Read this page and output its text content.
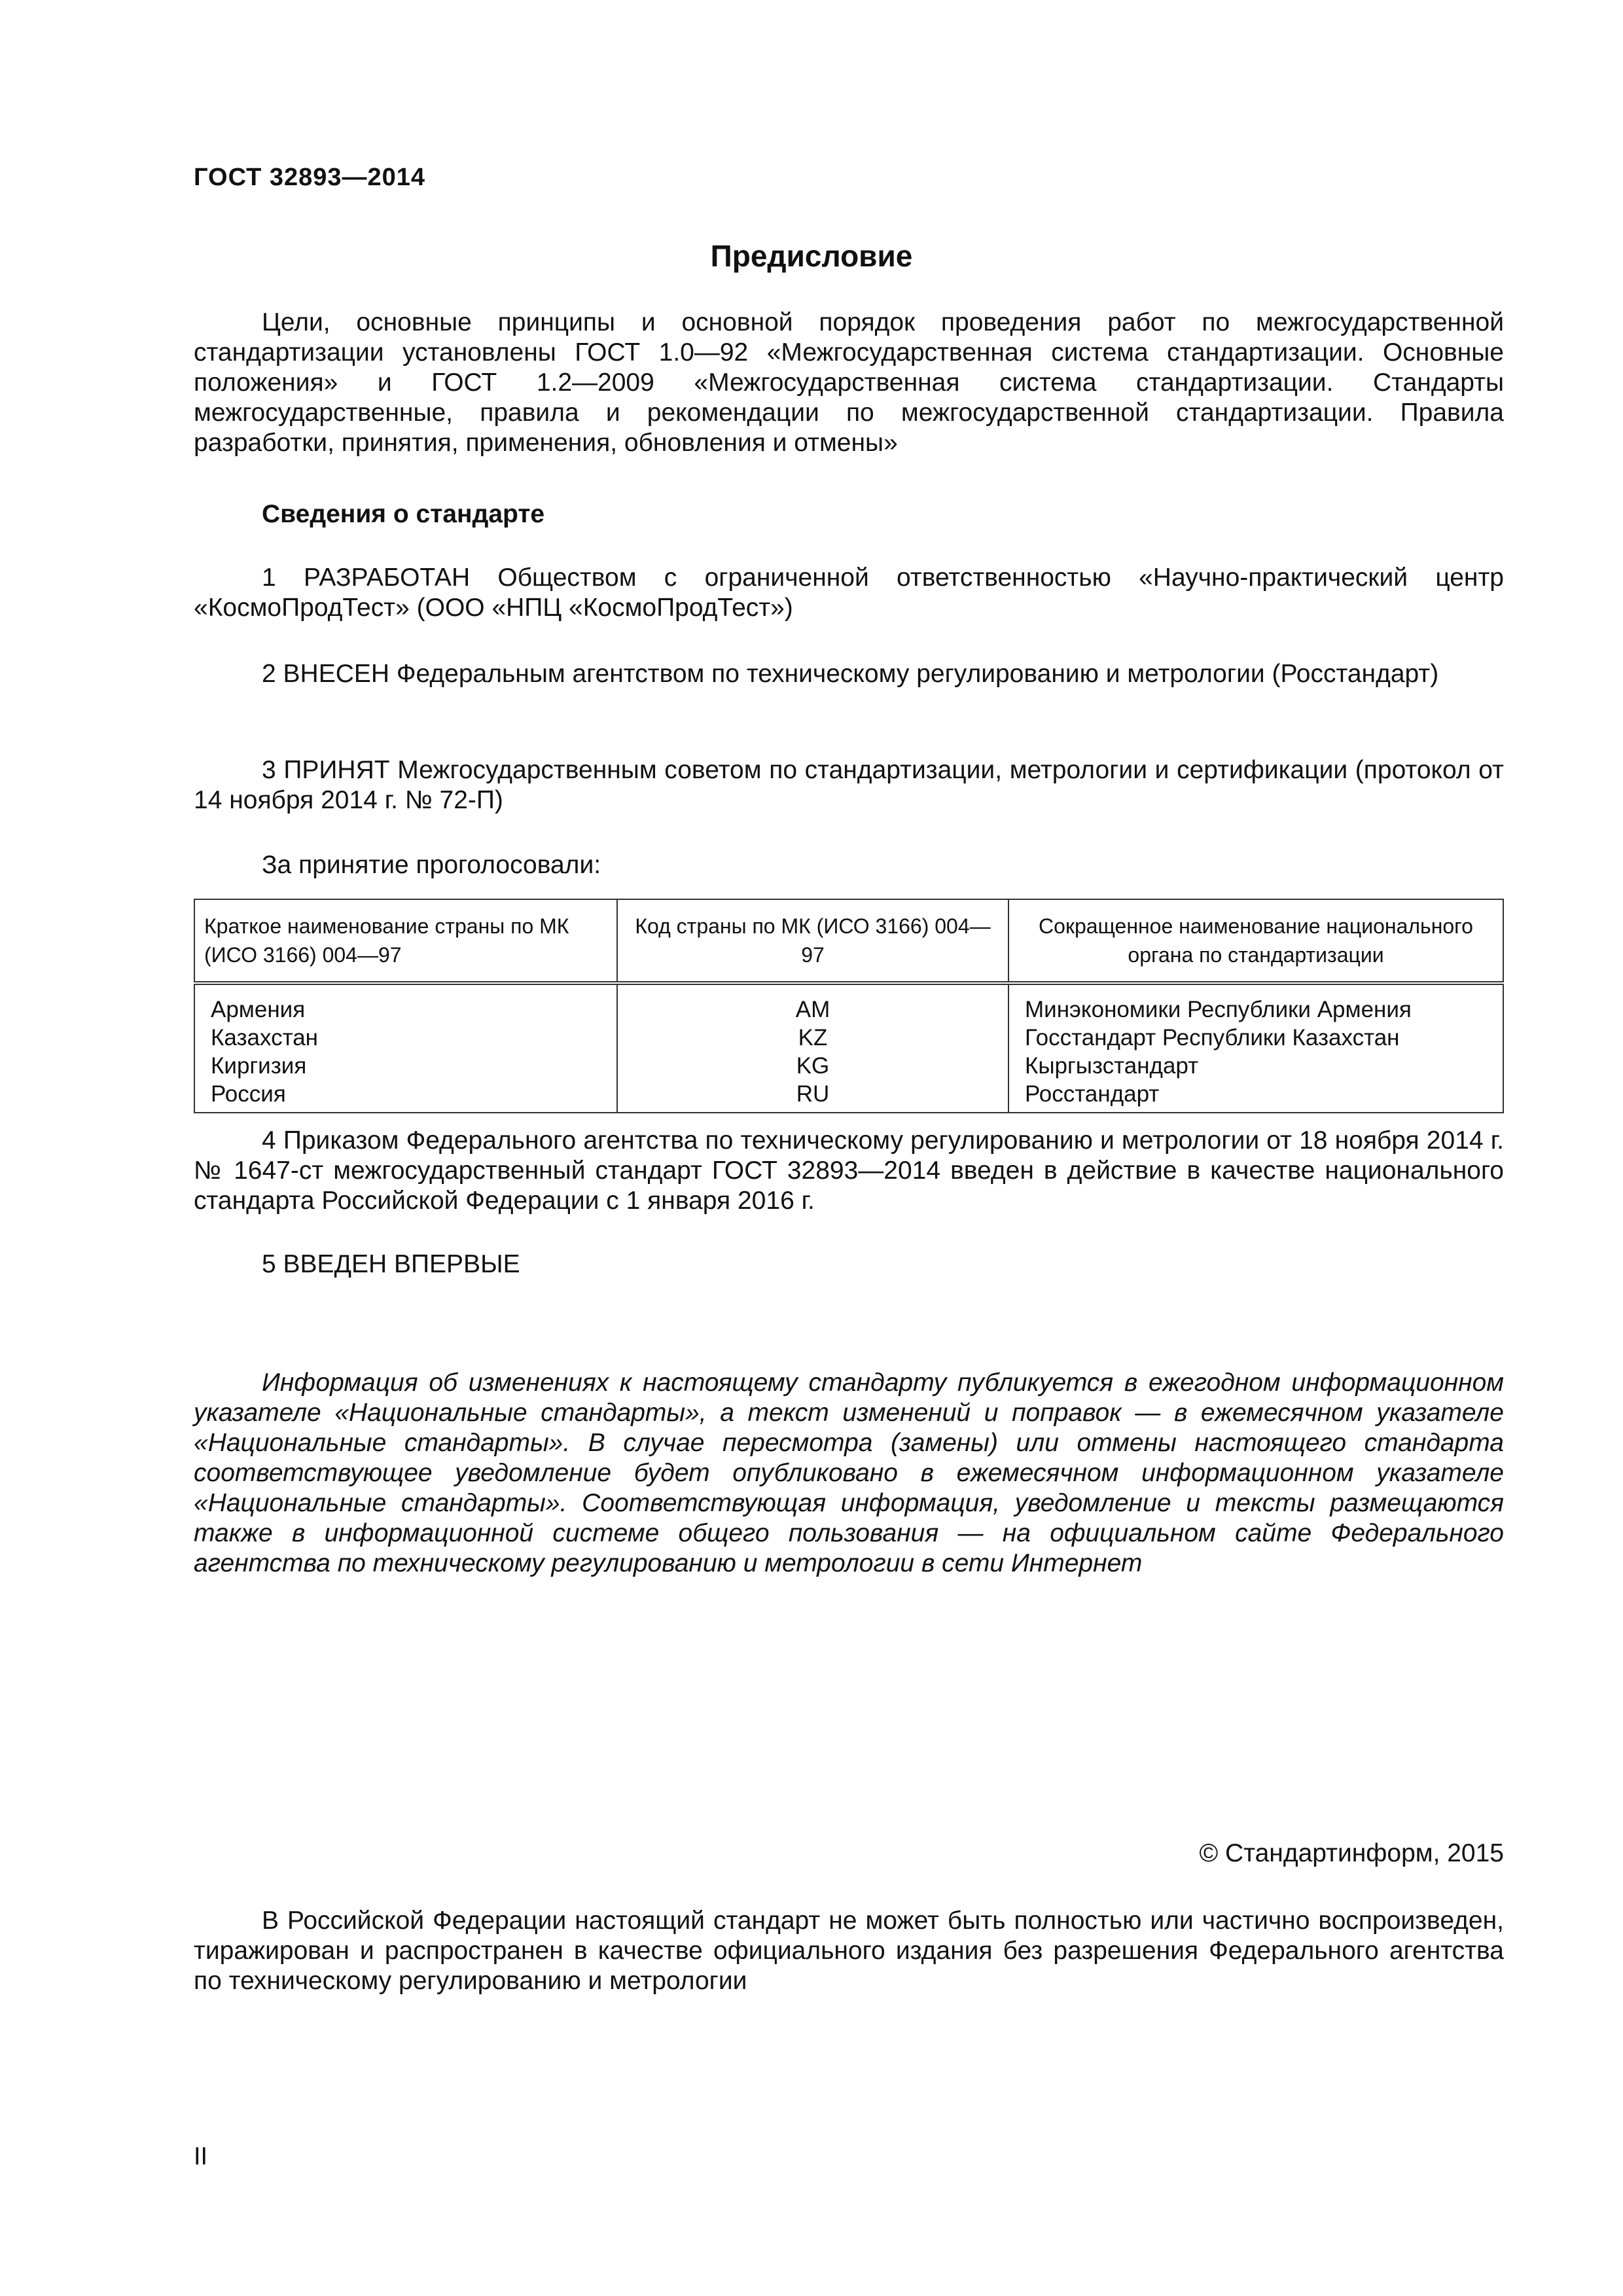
ГОСТ 32893—2014
Предисловие

Цели, основные принципы и основной порядок проведения работ по межгосударственной стандартизации установлены ГОСТ 1.0—92 «Межгосударственная система стандартизации. Основные положения» и ГОСТ 1.2—2009 «Межгосударственная система стандартизации. Стандарты межгосударственные, правила и рекомендации по межгосударственной стандартизации. Правила разработки, принятия, применения, обновления и отмены»

Сведения о стандарте

1 РАЗРАБОТАН Обществом с ограниченной ответственностью «Научно-практический центр «КосмоПродТест» (ООО «НПЦ «КосмоПродТест»)

2 ВНЕСЕН Федеральным агентством по техническому регулированию и метрологии (Росстандарт)

3 ПРИНЯТ Межгосударственным советом по стандартизации, метрологии и сертификации (протокол от 14 ноября 2014 г. № 72-П)

За принятие проголосовали:
Краткое наименование страны по МК (ИСО 3166) 004—97	Код страны по МК (ИСО 3166) 004—97	Сокращенное наименование национального органа по стандартизации
Армения	AM	Минэкономики Республики Армения
Казахстан	KZ	Госстандарт Республики Казахстан
Киргизия	KG	Кыргызстандарт
Россия	RU	Росстандарт

4 Приказом Федерального агентства по техническому регулированию и метрологии от 18 ноября 2014 г. № 1647-ст межгосударственный стандарт ГОСТ 32893—2014 введен в действие в качестве национального стандарта Российской Федерации с 1 января 2016 г.

5 ВВЕДЕН ВПЕРВЫЕ

Информация об изменениях к настоящему стандарту публикуется в ежегодном информационном указателе «Национальные стандарты», а текст изменений и поправок — в ежемесячном указателе «Национальные стандарты». В случае пересмотра (замены) или отмены настоящего стандарта соответствующее уведомление будет опубликовано в ежемесячном информационном указателе «Национальные стандарты». Соответствующая информация, уведомление и тексты размещаются также в информационной системе общего пользования — на официальном сайте Федерального агентства по техническому регулированию и метрологии в сети Интернет

© Стандартинформ, 2015

В Российской Федерации настоящий стандарт не может быть полностью или частично воспроизведен, тиражирован и распространен в качестве официального издания без разрешения Федерального агентства по техническому регулированию и метрологии

II
